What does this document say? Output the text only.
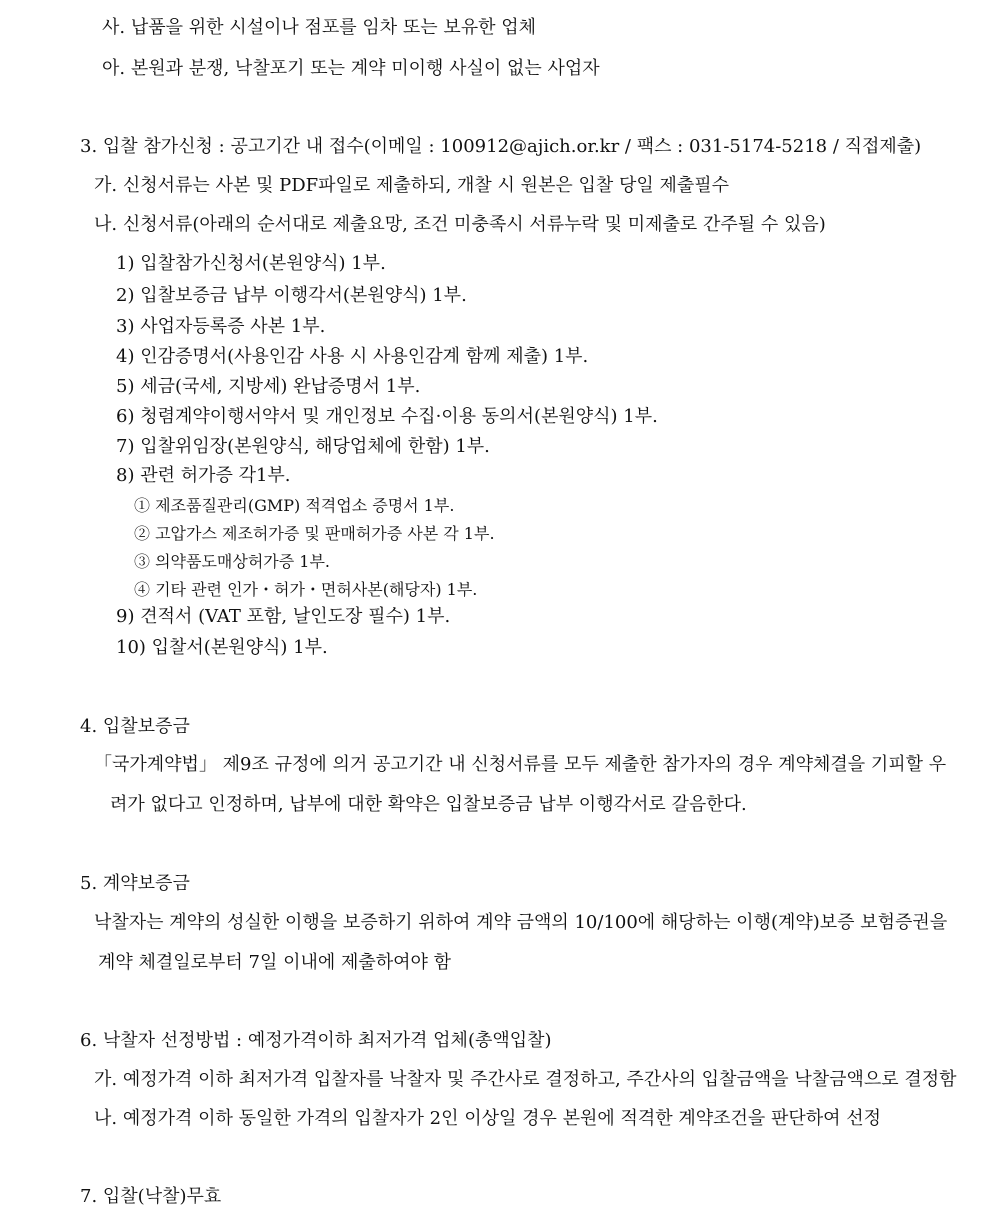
사. 납품을 위한 시설이나 점포를 임차 또는 보유한 업체
아. 본원과 분쟁, 낙찰포기 또는 계약 미이행 사실이 없는 사업자
3. 입찰 참가신청 : 공고기간 내 접수(이메일 : 100912@ajich.or.kr / 팩스 : 031-5174-5218 / 직접제출)
가. 신청서류는 사본 및 PDF파일로 제출하되, 개찰 시 원본은 입찰 당일 제출필수
나. 신청서류(아래의 순서대로 제출요망, 조건 미충족시 서류누락 및 미제출로 간주될 수 있음)
1) 입찰참가신청서(본원양식) 1부.
2) 입찰보증금 납부 이행각서(본원양식) 1부.
3) 사업자등록증 사본 1부.
4) 인감증명서(사용인감 사용 시 사용인감계 함께 제출) 1부.
5) 세금(국세, 지방세) 완납증명서 1부.
6) 청렴계약이행서약서 및 개인정보 수집·이용 동의서(본원양식) 1부.
7) 입찰위임장(본원양식, 해당업체에 한함) 1부.
8) 관련 허가증 각1부.
① 제조품질관리(GMP) 적격업소 증명서 1부.
② 고압가스 제조허가증 및 판매허가증 사본 각 1부.
③ 의약품도매상허가증 1부.
④ 기타 관련 인가・허가・면허사본(해당자) 1부.
9) 견적서 (VAT 포함, 날인도장 필수) 1부.
10) 입찰서(본원양식) 1부.
4. 입찰보증금
「국가계약법」 제9조 규정에 의거 공고기간 내 신청서류를 모두 제출한 참가자의 경우 계약체결을 기피할 우
려가 없다고 인정하며, 납부에 대한 확약은 입찰보증금 납부 이행각서로 갈음한다.
5. 계약보증금
낙찰자는 계약의 성실한 이행을 보증하기 위하여 계약 금액의 10/100에 해당하는 이행(계약)보증 보험증권을
계약 체결일로부터 7일 이내에 제출하여야 함
6. 낙찰자 선정방법 : 예정가격이하 최저가격 업체(총액입찰)
가. 예정가격 이하 최저가격 입찰자를 낙찰자 및 주간사로 결정하고, 주간사의 입찰금액을 낙찰금액으로 결정함
나. 예정가격 이하 동일한 가격의 입찰자가 2인 이상일 경우 본원에 적격한 계약조건을 판단하여 선정
7. 입찰(낙찰)무효
